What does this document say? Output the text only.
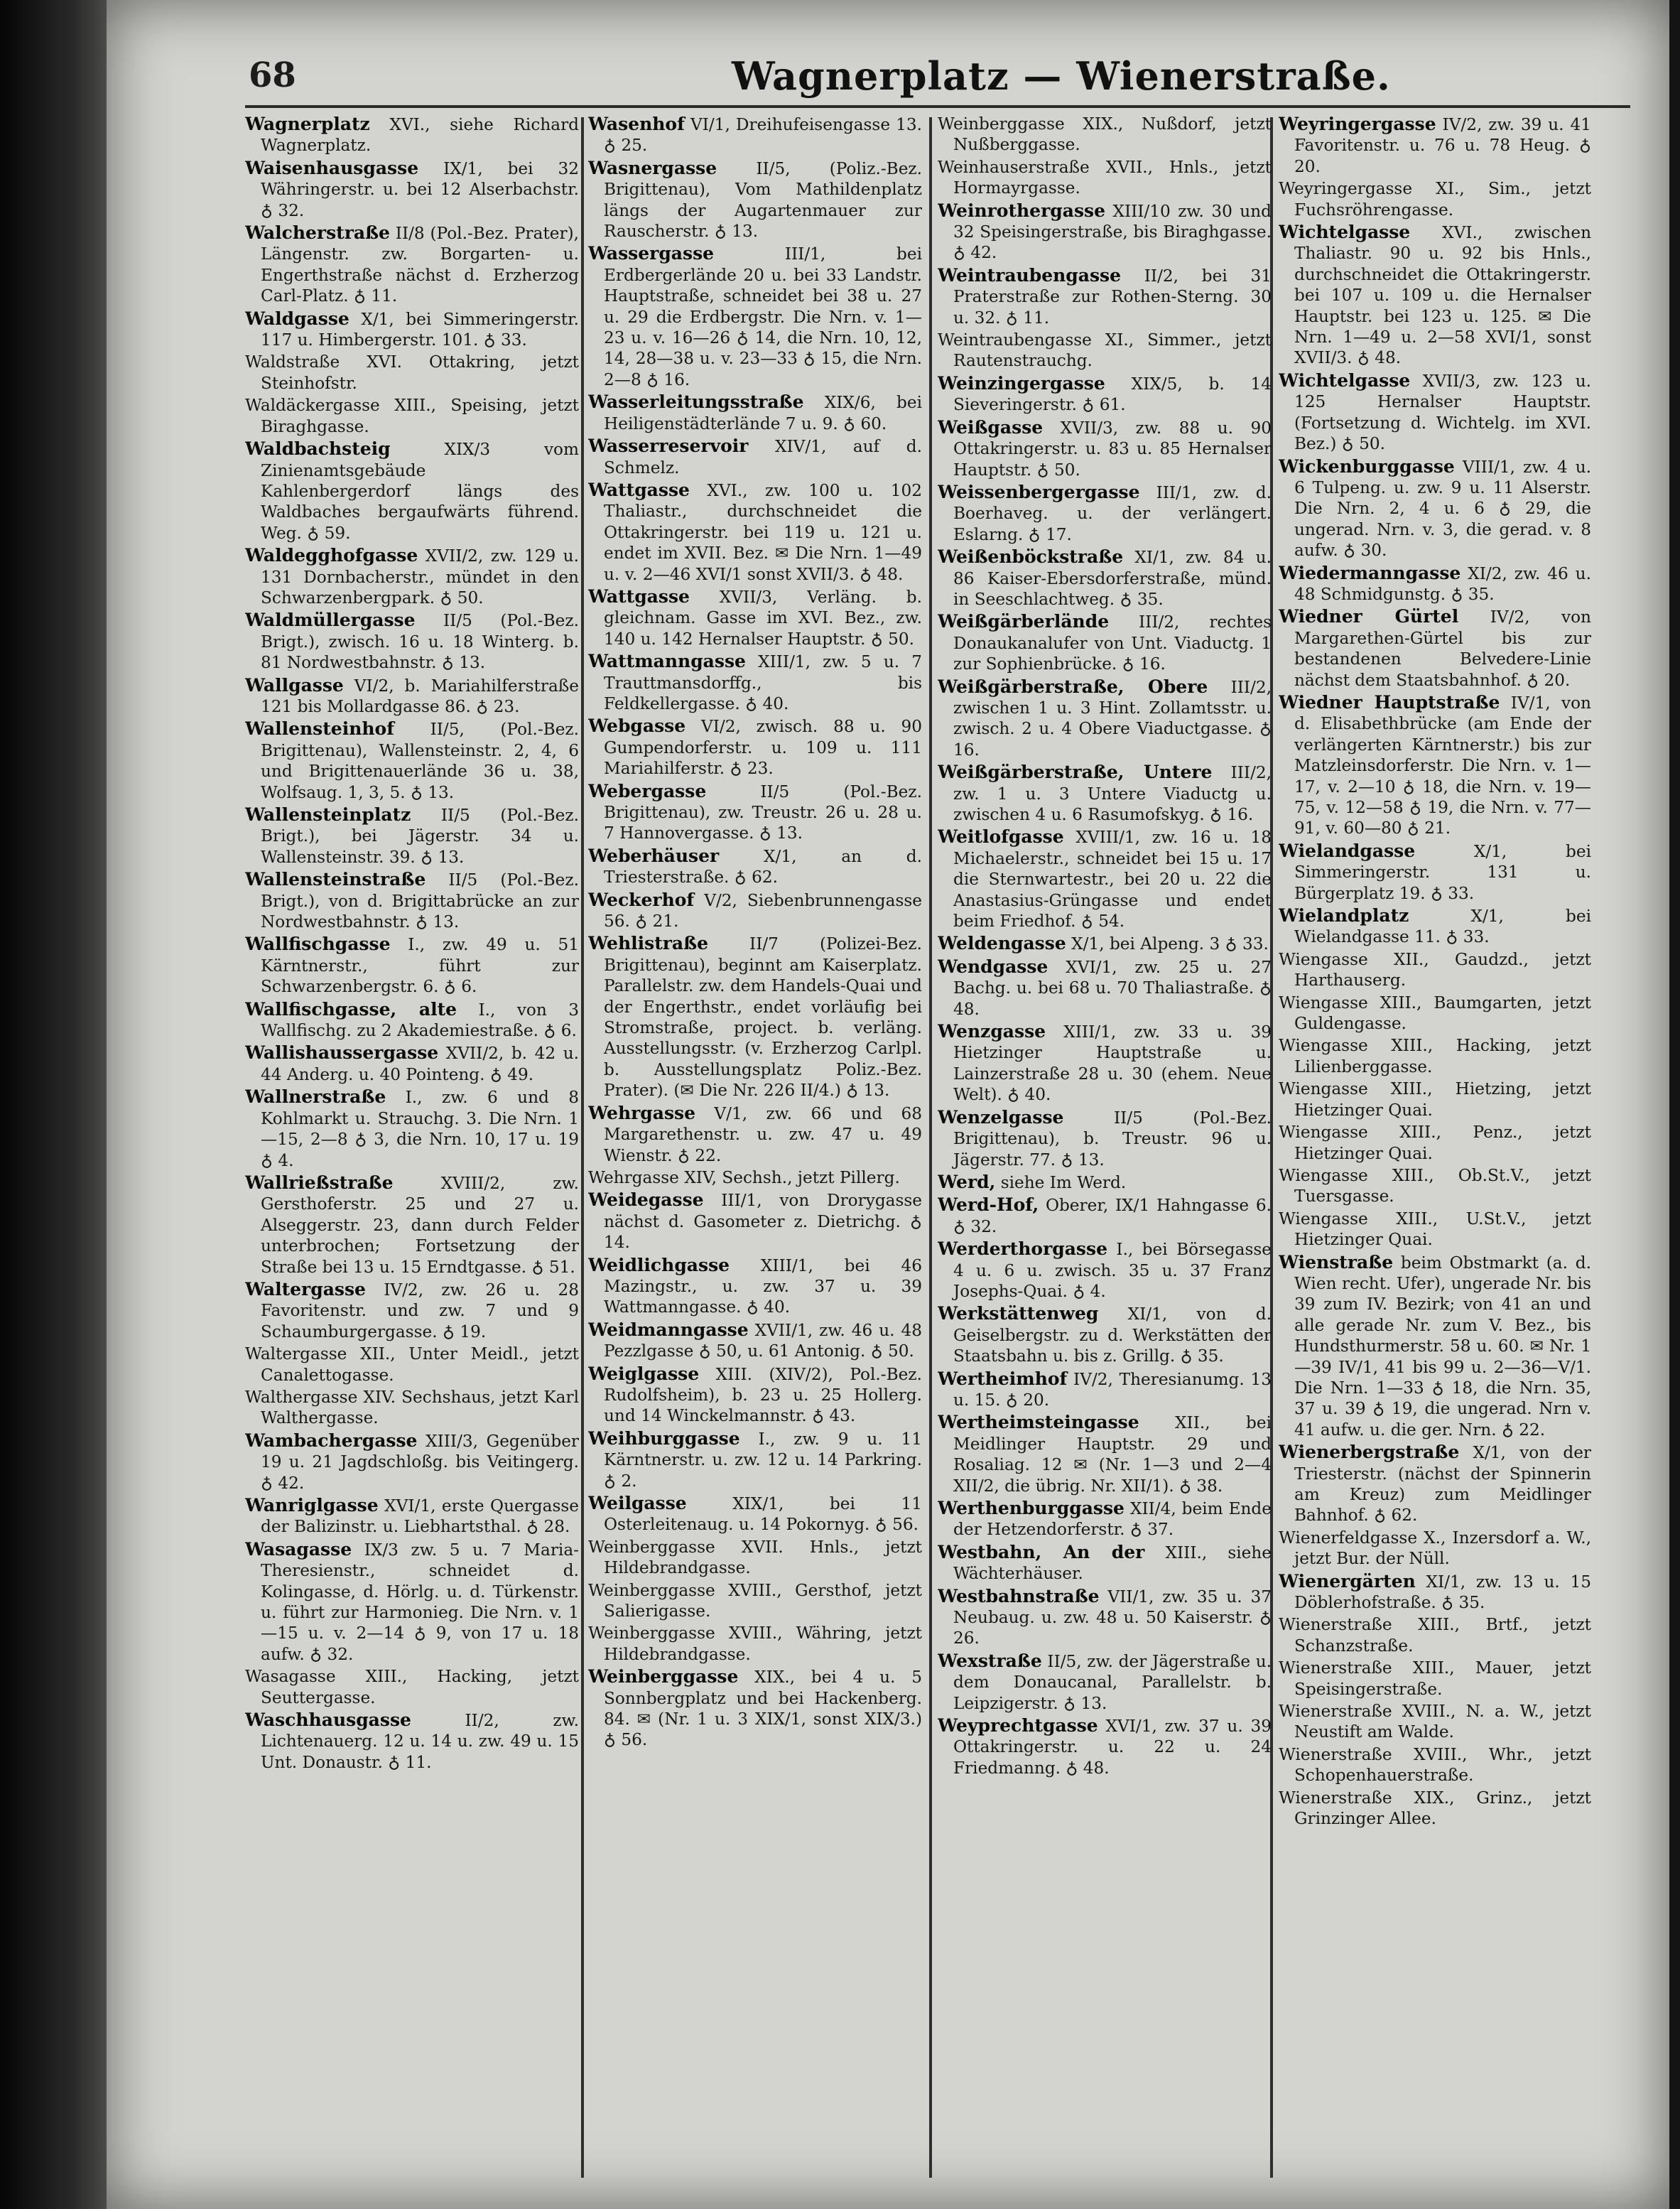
68	Wagnerplatz — Wienerstraße.
Wagnerplatz XVI., siehe Richard Wagnerplatz.
Waisenhausgasse IX/1, bei 32 Währingerstr. u. bei 12 Alserbachstr. ♁ 32.
Walcherstraße II/8 (Pol.-Bez. Prater), Längenstr. zw. Borgarten- u. Engerthstraße nächst d. Erzherzog Carl-Platz. ♁ 11.
Waldgasse X/1, bei Simmeringerstr. 117 u. Himbergerstr. 101. ♁ 33.
Waldstraße XVI. Ottakring, jetzt Steinhofstr.
Waldäckergasse XIII., Speising, jetzt Biraghgasse.
Waldbachsteig	XIX/3 vom Zinienamtsgebäude Kahlenbergerdorf längs des Waldbaches bergaufwärts führend. Weg. ♁ 59.
Waldegghofgasse XVII/2, zw. 129 u. 131 Dornbacherstr., mündet in den Schwarzenbergpark. ♁ 50.
Waldmüllergasse II/5 (Pol.-Bez. Brigt.), zwisch. 16 u. 18 Winterg. b. 81 Nordwestbahnstr. ♁ 13.
Wallgasse VI/2, b. Mariahilferstraße 121 bis Mollardgasse 86. ♁ 23.
Wallensteinhof II/5, (Pol.-Bez. Brigittenau), Wallensteinstr. 2, 4, 6 und Brigittenauerlände 36 u. 38, Wolfsaug. 1, 3, 5. ♁ 13.
Wallensteinplatz II/5 (Pol.-Bez. Brigt.), bei Jägerstr. 34 u. Wallensteinstr. 39. ♁ 13.
Wallensteinstraße II/5 (Pol.-Bez. Brigt.), von d. Brigittabrücke an zur Nordwestbahnstr. ♁ 13.
Wallfischgasse I., zw. 49 u. 51 Kärntnerstr., führt zur Schwarzenbergstr. 6. ♁ 6.
Wallfischgasse, alte I., von 3 Wallfischg. zu 2 Akademiestraße. ♁ 6.
Wallishaussergasse XVII/2, b. 42 u. 44 Anderg. u. 40 Pointeng. ♁ 49.
Wallnerstraße I., zw. 6 und 8 Kohlmarkt u. Strauchg. 3. Die Nrn. 1—15, 2—8 ♁ 3, die Nrn. 10, 17 u. 19 ♁ 4.
Wallrießstraße	XVIII/2, zw. Gersthoferstr. 25 und 27 u. Alseggerstr. 23, dann durch Felder unterbrochen; Fortsetzung der Straße bei 13 u. 15 Erndtgasse. ♁ 51.
Waltergasse IV/2, zw. 26 u. 28 Favoritenstr. und zw. 7 und 9 Schaumburgergasse. ♁ 19.
Waltergasse XII., Unter Meidl., jetzt Canalettogasse.
Walthergasse XIV. Sechshaus, jetzt Karl Walthergasse.
Wambachergasse XIII/3, Gegenüber 19 u. 21 Jagdschloßg. bis Veitingerg. ♁ 42.
Wanriglgasse XVI/1, erste Quergasse der Balizinstr. u. Liebhartsthal. ♁ 28.
Wasagasse IX/3 zw. 5 u. 7 Maria-Theresienstr., schneidet d. Kolingasse, d. Hörlg. u. d. Türkenstr. u. führt zur Harmonieg. Die Nrn. v. 1—15 u. v. 2—14 ♁ 9, von 17 u. 18 aufw. ♁ 32.
Wasagasse XIII., Hacking, jetzt Seuttergasse.
Waschhausgasse	II/2, zw. Lichtenauerg. 12 u. 14 u. zw. 49 u. 15 Unt. Donaustr. ♁ 11.
Wasenhof VI/1, Dreihufeisengasse 13. ♁ 25.
Wasnergasse II/5, (Poliz.-Bez. Brigittenau), Vom Mathildenplatz längs der Augartenmauer zur Rauscherstr. ♁ 13.
Wassergasse	III/1, bei Erdbergerlände 20 u. bei 33 Landstr. Hauptstraße, schneidet bei 38 u. 27 u. 29 die Erdbergstr. Die Nrn. v. 1—23 u. v. 16—26 ♁ 14, die Nrn. 10, 12, 14, 28—38 u. v. 23—33 ♁ 15, die Nrn. 2—8 ♁ 16.
Wasserleitungsstraße XIX/6, bei Heiligenstädterlände 7 u. 9. ♁ 60.
Wasserreservoir XIV/1, auf d. Schmelz.
Wattgasse XVI., zw. 100 u. 102 Thaliastr., durchschneidet die Ottakringerstr. bei 119 u. 121 u. endet im XVII. Bez. ✉ Die Nrn. 1—49 u. v. 2—46 XVI/1 sonst XVII/3. ♁ 48.
Wattgasse XVII/3, Verläng. b. gleichnam. Gasse im XVI. Bez., zw. 140 u. 142 Hernalser Hauptstr. ♁ 50.
Wattmanngasse XIII/1, zw. 5 u. 7 Trauttmansdorffg., bis Feldkellergasse. ♁ 40.
Webgasse VI/2, zwisch. 88 u. 90 Gumpendorferstr. u. 109 u. 111 Mariahilferstr. ♁ 23.
Webergasse	II/5 (Pol.-Bez. Brigittenau), zw. Treustr. 26 u. 28 u. 7 Hannovergasse. ♁ 13.
Weberhäuser	X/1, an d. Triesterstraße. ♁ 62.
Weckerhof V/2, Siebenbrunnengasse 56. ♁ 21.
Wehlistraße	II/7 (Polizei-Bez. Brigittenau), beginnt am Kaiserplatz. Parallelstr. zw. dem Handels-Quai und der Engerthstr., endet vorläufig bei Stromstraße, project. b. verläng. Ausstellungsstr. (v. Erzherzog Carlpl. b. Ausstellungsplatz Poliz.-Bez. Prater). (✉ Die Nr. 226 II/4.) ♁ 13.
Wehrgasse V/1, zw. 66 und 68 Margarethenstr. u. zw. 47 u. 49 Wienstr. ♁ 22.
Wehrgasse XIV, Sechsh., jetzt Pillerg.
Weidegasse III/1, von Drorygasse nächst d. Gasometer z. Dietrichg. ♁ 14.
Weidlichgasse XIII/1, bei 46 Mazingstr., u. zw. 37 u. 39 Wattmanngasse. ♁ 40.
Weidmanngasse XVII/1, zw. 46 u. 48 Pezzlgasse ♁ 50, u. 61 Antonig. ♁ 50.
Weiglgasse XIII. (XIV/2), Pol.-Bez. Rudolfsheim), b. 23 u. 25 Hollerg. und 14 Winckelmannstr. ♁ 43.
Weihburggasse I., zw. 9 u. 11 Kärntnerstr. u. zw. 12 u. 14 Parkring. ♁ 2.
Weilgasse	XIX/1, bei 11 Osterleitenaug. u. 14 Pokornyg. ♁ 56.
Weinberggasse XVII. Hnls., jetzt Hildebrandgasse.
Weinberggasse XVIII., Gersthof, jetzt Salierigasse.
Weinberggasse XVIII., Währing, jetzt Hildebrandgasse.
Weinberggasse XIX., bei 4 u. 5 Sonnbergplatz und bei Hackenberg. 84. ✉ (Nr. 1 u. 3 XIX/1, sonst XIX/3.) ♁ 56.
Weinberggasse XIX., Nußdorf, jetzt Nußberggasse.
Weinhauserstraße XVII., Hnls., jetzt Hormayrgasse.
Weinrothergasse XIII/10 zw. 30 und 32 Speisingerstraße, bis Biraghgasse. ♁ 42.
Weintraubengasse II/2, bei 31 Praterstraße zur Rothen-Sterng. 30 u. 32. ♁ 11.
Weintraubengasse XI., Simmer., jetzt Rautenstrauchg.
Weinzingergasse XIX/5, b. 14 Sieveringerstr. ♁ 61.
Weißgasse XVII/3, zw. 88 u. 90 Ottakringerstr. u. 83 u. 85 Hernalser Hauptstr. ♁ 50.
Weissenbergergasse III/1, zw. d. Boerhaveg. u. der verlängert. Eslarng. ♁ 17.
Weißenböckstraße XI/1, zw. 84 u. 86 Kaiser-Ebersdorferstraße, münd. in Seeschlachtweg. ♁ 35.
Weißgärberlände III/2, rechtes Donaukanalufer von Unt. Viaductg. 1 zur Sophienbrücke. ♁ 16.
Weißgärberstraße, Obere III/2, zwischen 1 u. 3 Hint. Zollamtsstr. u. zwisch. 2 u. 4 Obere Viaductgasse. ♁ 16.
Weißgärberstraße, Untere III/2, zw. 1 u. 3 Untere Viaductg u. zwischen 4 u. 6 Rasumofskyg. ♁ 16.
Weitlofgasse XVIII/1, zw. 16 u. 18 Michaelerstr., schneidet bei 15 u. 17 die Sternwartestr., bei 20 u. 22 die Anastasius-Grüngasse und endet beim Friedhof. ♁ 54.
Weldengasse X/1, bei Alpeng. 3 ♁ 33.
Wendgasse XVI/1, zw. 25 u. 27 Bachg. u. bei 68 u. 70 Thaliastraße. ♁ 48.
Wenzgasse XIII/1, zw. 33 u. 39 Hietzinger Hauptstraße u. Lainzerstraße 28 u. 30 (ehem. Neue Welt). ♁ 40.
Wenzelgasse	II/5 (Pol.-Bez. Brigittenau), b. Treustr. 96 u. Jägerstr. 77. ♁ 13.
Werd, siehe Im Werd.
Werd-Hof, Oberer, IX/1 Hahngasse 6. ♁ 32.
Werderthorgasse I., bei Börsegasse 4 u. 6 u. zwisch. 35 u. 37 Franz Josephs-Quai. ♁ 4.
Werkstättenweg XI/1, von d. Geiselbergstr. zu d. Werkstätten der Staatsbahn u. bis z. Grillg. ♁ 35.
Wertheimhof IV/2, Theresianumg. 13 u. 15. ♁ 20.
Wertheimsteingasse XII., bei Meidlinger Hauptstr. 29 und Rosaliag. 12 ✉ (Nr. 1—3 und 2—4 XII/2, die übrig. Nr. XII/1). ♁ 38.
Werthenburggasse XII/4, beim Ende der Hetzendorferstr. ♁ 37.
Westbahn, An der XIII., siehe Wächterhäuser.
Westbahnstraße VII/1, zw. 35 u. 37 Neubaug. u. zw. 48 u. 50 Kaiserstr. ♁ 26.
Wexstraße II/5, zw. der Jägerstraße u. dem Donaucanal, Parallelstr. b. Leipzigerstr. ♁ 13.
Weyprechtgasse XVI/1, zw. 37 u. 39 Ottakringerstr. u. 22 u. 24 Friedmanng. ♁ 48.
Weyringergasse IV/2, zw. 39 u. 41 Favoritenstr. u. 76 u. 78 Heug. ♁ 20.
Weyringergasse XI., Sim., jetzt Fuchsröhrengasse.
Wichtelgasse XVI., zwischen Thaliastr. 90 u. 92 bis Hnls., durchschneidet die Ottakringerstr. bei 107 u. 109 u. die Hernalser Hauptstr. bei 123 u. 125. ✉ Die Nrn. 1—49 u. 2—58 XVI/1, sonst XVII/3. ♁ 48.
Wichtelgasse XVII/3, zw. 123 u. 125 Hernalser Hauptstr. (Fortsetzung d. Wichtelg. im XVI. Bez.) ♁ 50.
Wickenburggasse VIII/1, zw. 4 u. 6 Tulpeng. u. zw. 9 u. 11 Alserstr. Die Nrn. 2, 4 u. 6 ♁ 29, die ungerad. Nrn. v. 3, die gerad. v. 8 aufw. ♁ 30.
Wiedermanngasse XI/2, zw. 46 u. 48 Schmidgunstg. ♁ 35.
Wiedner Gürtel IV/2, von Margarethen-Gürtel bis zur bestandenen Belvedere-Linie nächst dem Staatsbahnhof. ♁ 20.
Wiedner Hauptstraße IV/1, von d. Elisabethbrücke (am Ende der verlängerten Kärntnerstr.) bis zur Matzleinsdorferstr. Die Nrn. v. 1—17, v. 2—10 ♁ 18, die Nrn. v. 19—75, v. 12—58 ♁ 19, die Nrn. v. 77—91, v. 60—80 ♁ 21.
Wielandgasse	X/1, bei Simmeringerstr. 131 u. Bürgerplatz 19. ♁ 33.
Wielandplatz	X/1, bei Wielandgasse 11. ♁ 33.
Wiengasse XII., Gaudzd., jetzt Harthauserg.
Wiengasse XIII., Baumgarten, jetzt Guldengasse.
Wiengasse XIII., Hacking, jetzt Lilienberggasse.
Wiengasse XIII., Hietzing, jetzt Hietzinger Quai.
Wiengasse XIII., Penz., jetzt Hietzinger Quai.
Wiengasse XIII., Ob.St.V., jetzt Tuersgasse.
Wiengasse XIII., U.St.V., jetzt Hietzinger Quai.
Wienstraße beim Obstmarkt (a. d. Wien recht. Ufer), ungerade Nr. bis 39 zum IV. Bezirk; von 41 an und alle gerade Nr. zum V. Bez., bis Hundsthurmerstr. 58 u. 60. ✉ Nr. 1—39 IV/1, 41 bis 99 u. 2—36—V/1. Die Nrn. 1—33 ♁ 18, die Nrn. 35, 37 u. 39 ♁ 19, die ungerad. Nrn v. 41 aufw. u. die ger. Nrn. ♁ 22.
Wienerbergstraße X/1, von der Triesterstr. (nächst der Spinnerin am Kreuz) zum Meidlinger Bahnhof. ♁ 62.
Wienerfeldgasse X., Inzersdorf a. W., jetzt Bur. der Nüll.
Wienergärten XI/1, zw. 13 u. 15 Döblerhofstraße. ♁ 35.
Wienerstraße XIII., Brtf., jetzt Schanzstraße.
Wienerstraße XIII., Mauer, jetzt Speisingerstraße.
Wienerstraße XVIII., N. a. W., jetzt Neustift am Walde.
Wienerstraße XVIII., Whr., jetzt Schopenhauerstraße.
Wienerstraße XIX., Grinz., jetzt Grinzinger Allee.
